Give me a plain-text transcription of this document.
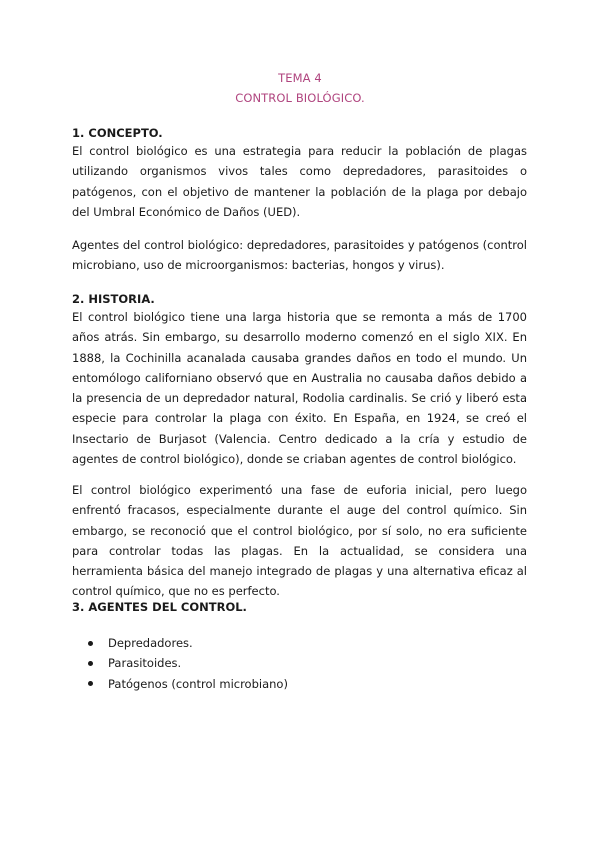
TEMA 4
CONTROL BIOLÓGICO.
1. CONCEPTO.

El control biológico es una estrategia para reducir la población de plagas utilizando organismos vivos tales como depredadores, parasitoides o patógenos, con el objetivo de mantener la población de la plaga por debajo del Umbral Económico de Daños (UED).

Agentes del control biológico: depredadores, parasitoides y patógenos (control microbiano, uso de microorganismos: bacterias, hongos y virus).

2. HISTORIA.

El control biológico tiene una larga historia que se remonta a más de 1700 años atrás. Sin embargo, su desarrollo moderno comenzó en el siglo XIX. En 1888, la Cochinilla acanalada causaba grandes daños en todo el mundo. Un entomólogo californiano observó que en Australia no causaba daños debido a la presencia de un depredador natural, Rodolia cardinalis. Se crió y liberó esta especie para controlar la plaga con éxito. En España, en 1924, se creó el Insectario de Burjasot (Valencia. Centro dedicado a la cría y estudio de agentes de control biológico), donde se criaban agentes de control biológico.

El control biológico experimentó una fase de euforia inicial, pero luego enfrentó fracasos, especialmente durante el auge del control químico. Sin embargo, se reconoció que el control biológico, por sí solo, no era suficiente para controlar todas las plagas. En la actualidad, se considera una herramienta básica del manejo integrado de plagas y una alternativa eficaz al control químico, que no es perfecto.

3. AGENTES DEL CONTROL.
Depredadores.
Parasitoides.
Patógenos (control microbiano)
